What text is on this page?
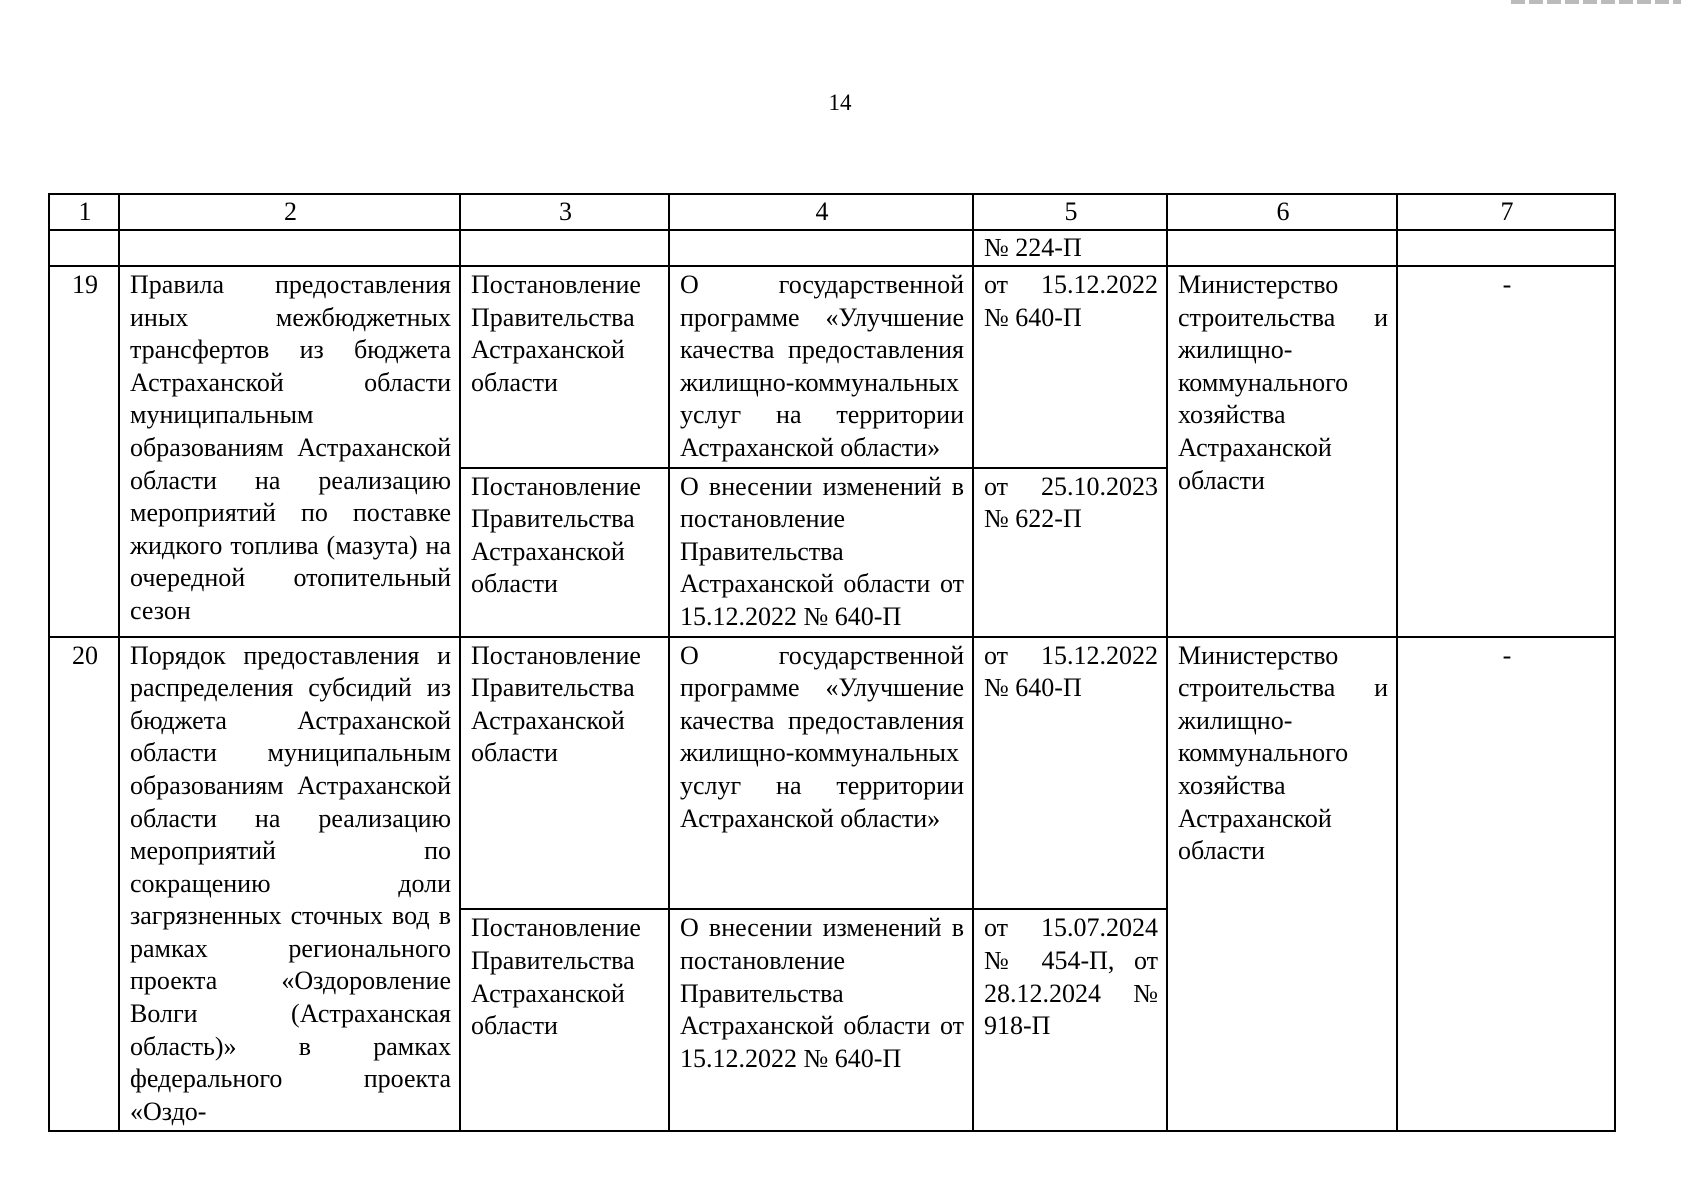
14
1	2	3	4	5	6	7
				№ 224-П		
19	Правила предоставления иных межбюджетных трансфертов из бюджета Астраханской области муниципальным образованиям Астраханской области на реализацию мероприятий по поставке жидкого топлива (мазута) на очередной отопительный сезон	Постановление Правительства Астраханской области	О государственной программе «Улучшение качества предоставления жилищно-коммунальных услуг на территории Астраханской области»	от 15.12.2022 № 640-П	Министерство строительства и жилищно-коммунального хозяйства Астраханской области	-
		Постановление Правительства Астраханской области	О внесении изменений в постановление Правительства Астраханской области от 15.12.2022 № 640-П	от 25.10.2023 № 622-П		
20	Порядок предоставления и распределения субсидий из бюджета Астраханской области муниципальным образованиям Астраханской области на реализацию мероприятий по сокращению доли загрязненных сточных вод в рамках регионального проекта «Оздоровление Волги (Астраханская область)» в рамках федерального проекта «Оздо-	Постановление Правительства Астраханской области	О государственной программе «Улучшение качества предоставления жилищно-коммунальных услуг на территории Астраханской области»	от 15.12.2022 № 640-П	Министерство строительства и жилищно-коммунального хозяйства Астраханской области	-
		Постановление Правительства Астраханской области	О внесении изменений в постановление Правительства Астраханской области от 15.12.2022 № 640-П	от 15.07.2024 № 454-П, от 28.12.2024 № 918-П		
